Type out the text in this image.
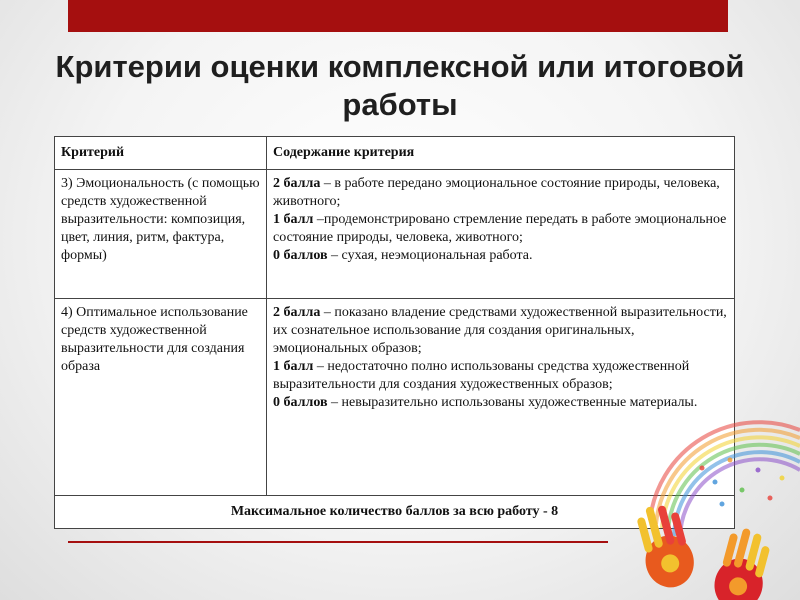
Критерии оценки комплексной или итоговой работы
Критерий	Содержание критерия
3) Эмоциональность (с помощью средств художественной выразительности: композиция, цвет, линия, ритм, фактура, формы)	2 балла – в работе передано эмоциональное состояние природы, человека, животного;
1 балл –продемонстрировано стремление передать в работе эмоциональное состояние природы, человека, животного;
0 баллов – сухая, неэмоциональная работа.

4) Оптимальное использование средств художественной выразительности для создания образа	2 балла – показано владение средствами художественной выразительности, их сознательное использование для создания оригинальных, эмоциональных образов;
1 балл – недостаточно полно использованы средства художественной выразительности для создания художественных образов;
0 баллов – невыразительно использованы художественные материалы.

Максимальное количество баллов за всю работу - 8	
